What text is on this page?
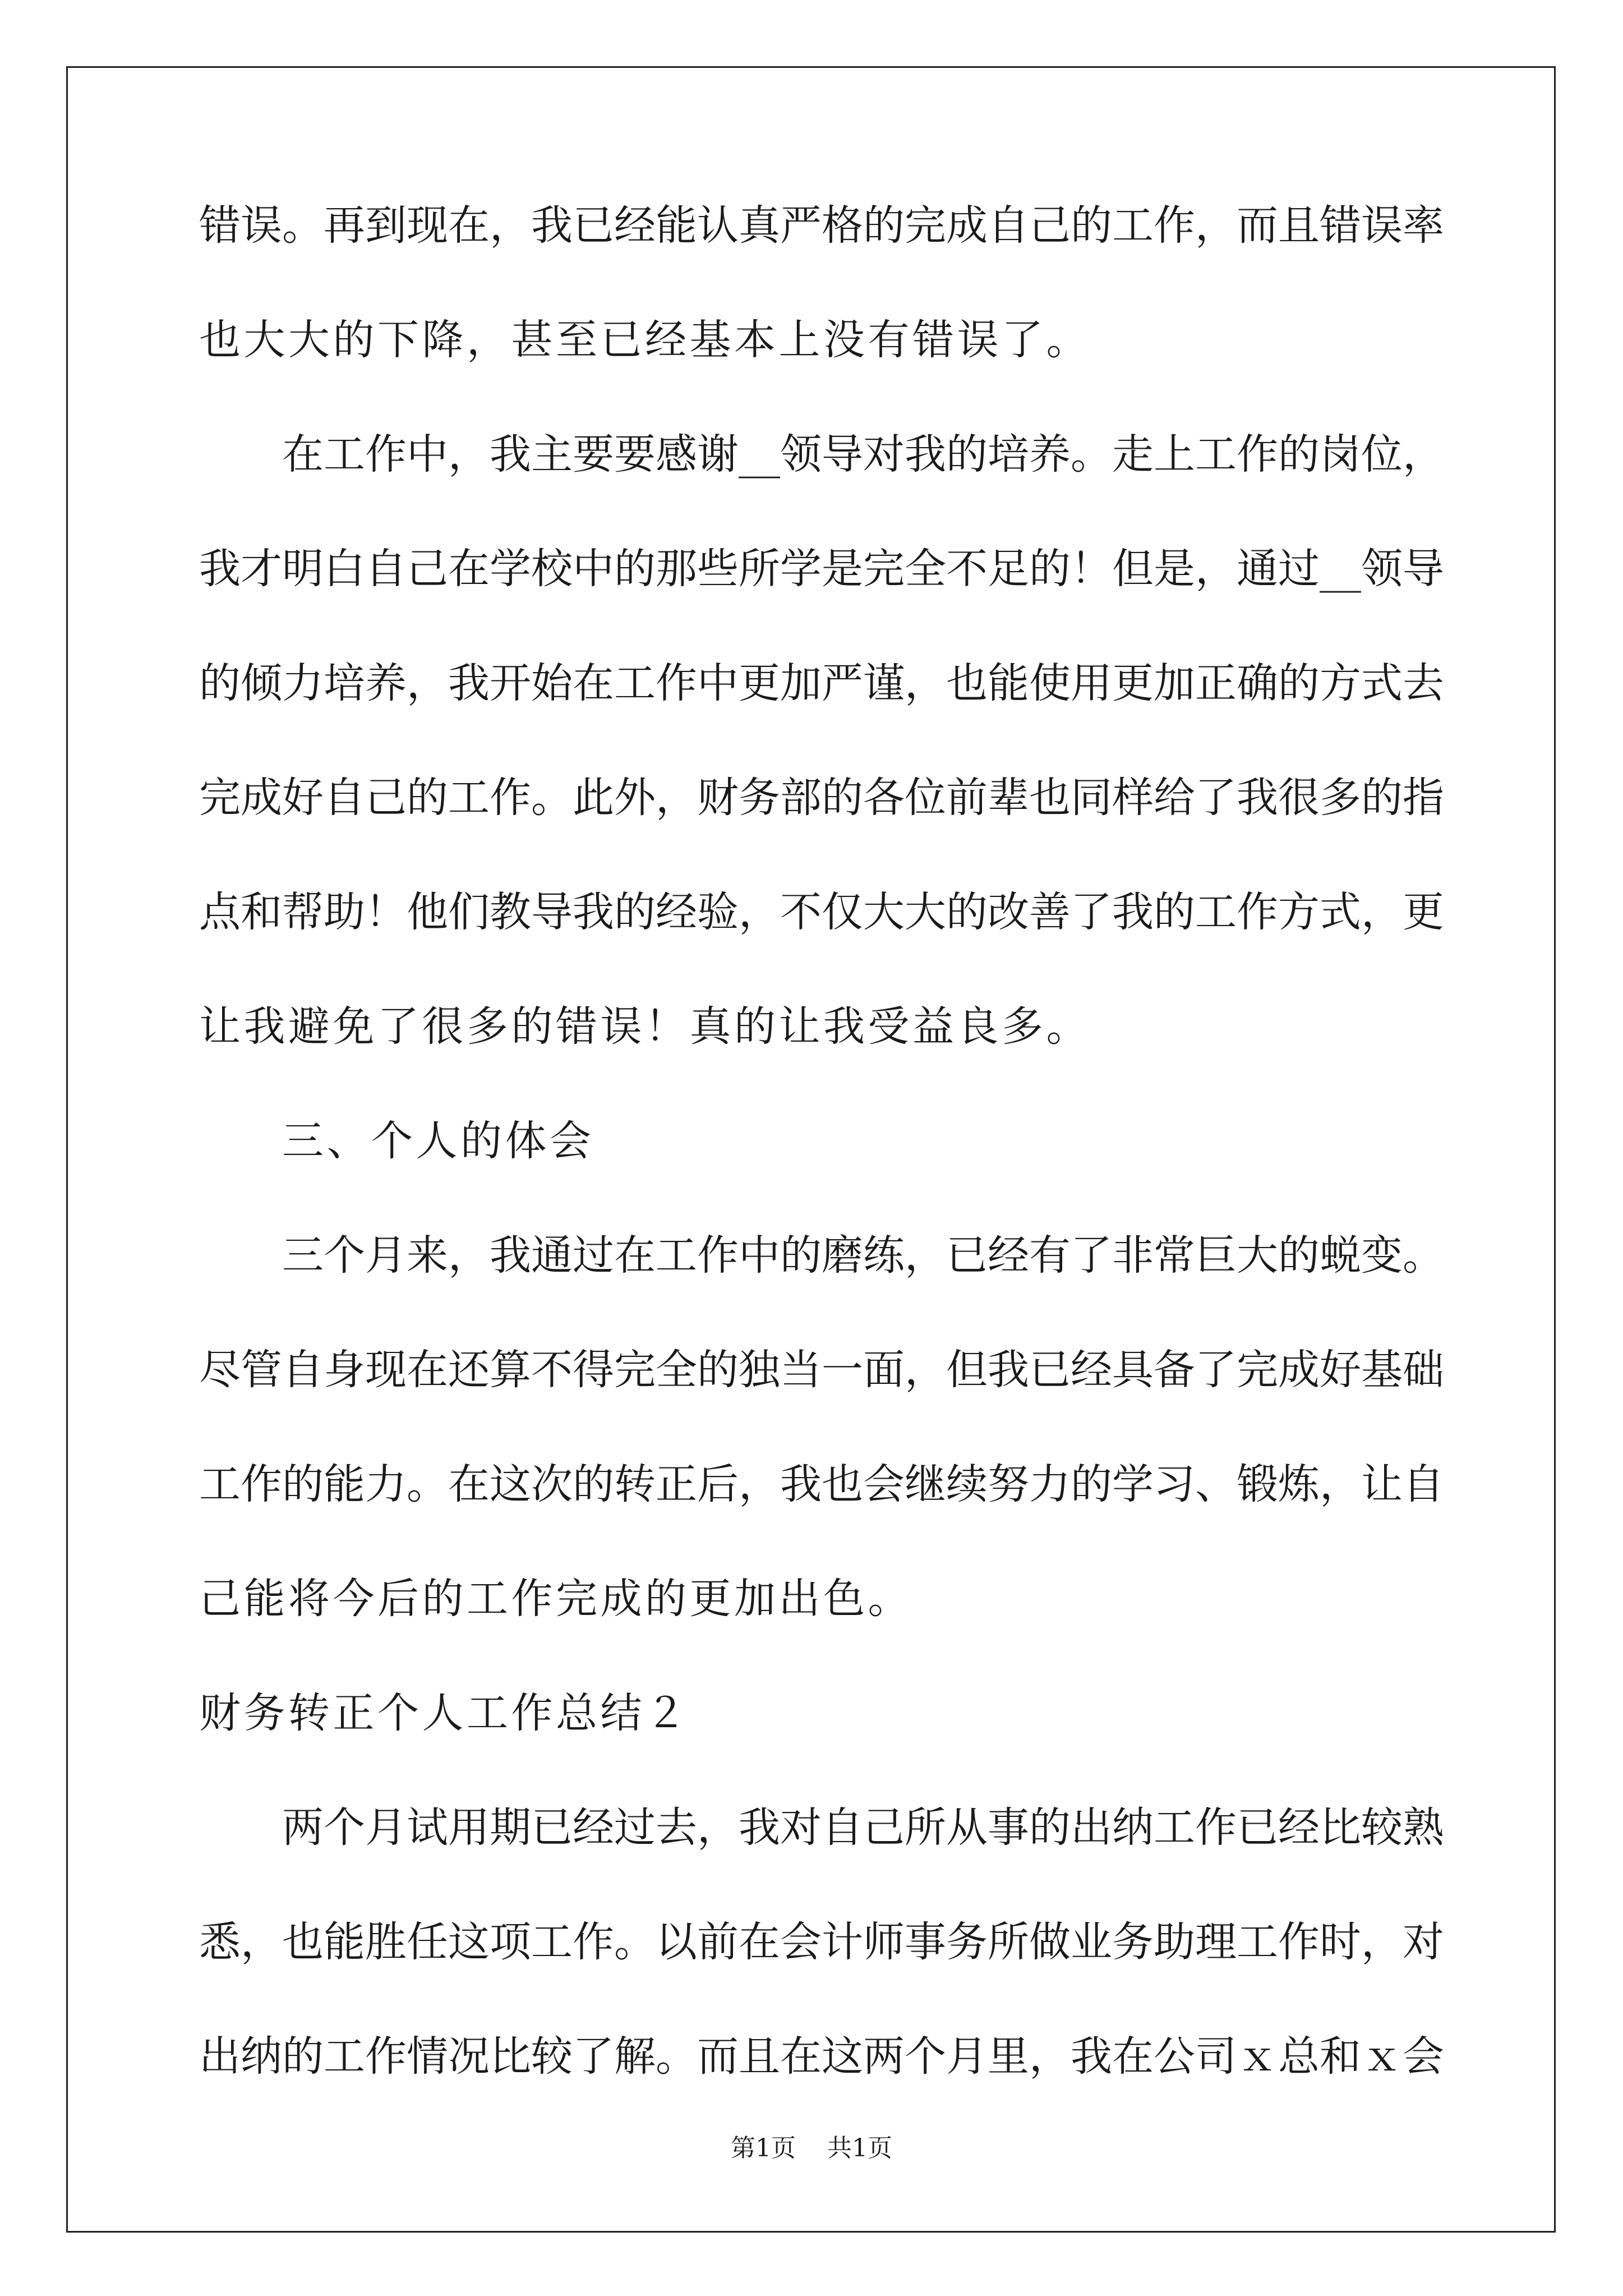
错误。再到现在，我已经能认真严格的完成自己的工作，而且错误率
也大大的下降，甚至已经基本上没有错误了。
在工作中，我主要要感谢__领导对我的培养。走上工作的岗位，
我才明白自己在学校中的那些所学是完全不足的！但是，通过__领导
的倾力培养，我开始在工作中更加严谨，也能使用更加正确的方式去
完成好自己的工作。此外，财务部的各位前辈也同样给了我很多的指
点和帮助！他们教导我的经验，不仅大大的改善了我的工作方式，更
让我避免了很多的错误！真的让我受益良多。
三、个人的体会
三个月来，我通过在工作中的磨练，已经有了非常巨大的蜕变。
尽管自身现在还算不得完全的独当一面，但我已经具备了完成好基础
工作的能力。在这次的转正后，我也会继续努力的学习、锻炼，让自
己能将今后的工作完成的更加出色。
财务转正个人工作总结２
两个月试用期已经过去，我对自己所从事的出纳工作已经比较熟
悉，也能胜任这项工作。以前在会计师事务所做业务助理工作时，对
出纳的工作情况比较了解。而且在这两个月里，我在公司ｘ总和ｘ会
第1页 共1页
